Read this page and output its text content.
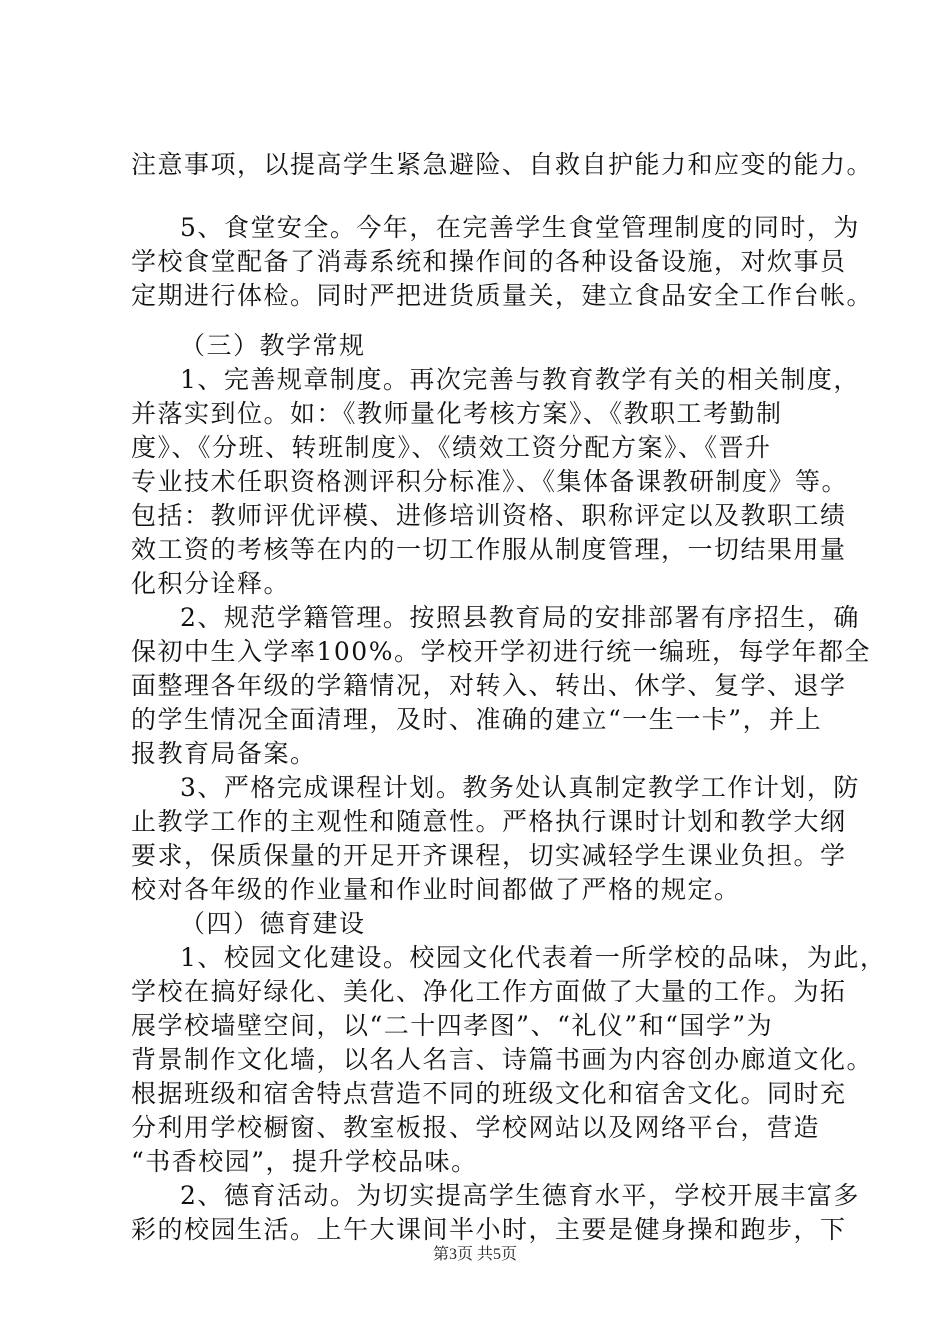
注意事项，以提高学生紧急避险、自救自护能力和应变的能力。
5、食堂安全。今年，在完善学生食堂管理制度的同时，为
学校食堂配备了消毒系统和操作间的各种设备设施，对炊事员
定期进行体检。同时严把进货质量关，建立食品安全工作台帐。
（三）教学常规
1、完善规章制度。再次完善与教育教学有关的相关制度，
并落实到位。如：《教师量化考核方案》、《教职工考勤制
度》、《分班、转班制度》、《绩效工资分配方案》、《晋升
专业技术任职资格测评积分标准》、《集体备课教研制度》等。
包括：教师评优评模、进修培训资格、职称评定以及教职工绩
效工资的考核等在内的一切工作服从制度管理，一切结果用量
化积分诠释。
2、规范学籍管理。按照县教育局的安排部署有序招生，确
保初中生入学率100%。学校开学初进行统一编班，每学年都全
面整理各年级的学籍情况，对转入、转出、休学、复学、退学
的学生情况全面清理，及时、准确的建立“一生一卡”，并上
报教育局备案。
3、严格完成课程计划。教务处认真制定教学工作计划，防
止教学工作的主观性和随意性。严格执行课时计划和教学大纲
要求，保质保量的开足开齐课程，切实减轻学生课业负担。学
校对各年级的作业量和作业时间都做了严格的规定。
（四）德育建设
1、校园文化建设。校园文化代表着一所学校的品味，为此，
学校在搞好绿化、美化、净化工作方面做了大量的工作。为拓
展学校墙壁空间，以“二十四孝图”、“礼仪”和“国学”为
背景制作文化墙，以名人名言、诗篇书画为内容创办廊道文化。
根据班级和宿舍特点营造不同的班级文化和宿舍文化。同时充
分利用学校橱窗、教室板报、学校网站以及网络平台，营造
“书香校园”，提升学校品味。
2、德育活动。为切实提高学生德育水平，学校开展丰富多
彩的校园生活。上午大课间半小时，主要是健身操和跑步，下
第3页 共5页
